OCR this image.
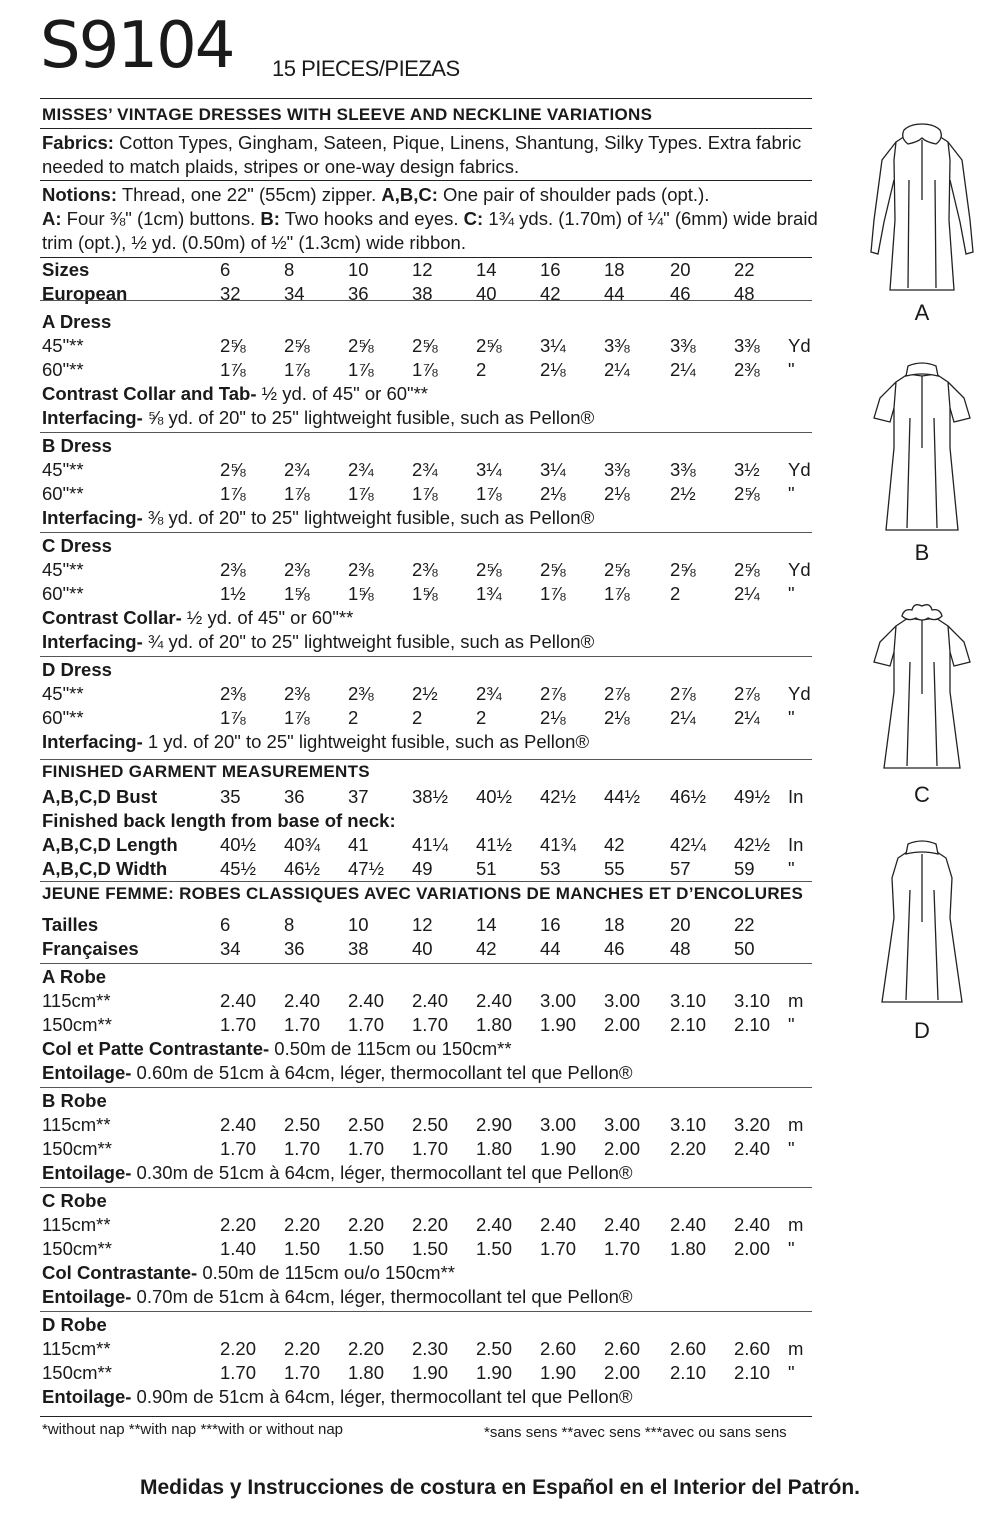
S9104 15 PIECES/PIEZAS
MISSES’ VINTAGE DRESSES WITH SLEEVE AND NECKLINE VARIATIONS
Fabrics: Cotton Types, Gingham, Sateen, Pique, Linens, Shantung, Silky Types. Extra fabric
needed to match plaids, stripes or one-way design fabrics.
Notions: Thread, one 22" (55cm) zipper. A,B,C: One pair of shoulder pads (opt.).
A: Four ⅜" (1cm) buttons. B: Two hooks and eyes. C: 1¾ yds. (1.70m) of ¼" (6mm) wide braid
trim (opt.), ½ yd. (0.50m) of ½" (1.3cm) wide ribbon.
Sizes	6	8	10	12	14	16	18	20	22
European	32	34	36	38	40	42	44	46	48
A Dress
45"**	2⅝	2⅝	2⅝	2⅝	2⅝	3¼	3⅜	3⅜	3⅜	Yd
60"**	1⅞	1⅞	1⅞	1⅞	2	2⅛	2¼	2¼	2⅜	"
Contrast Collar and Tab- ½ yd. of 45" or 60"**
Interfacing- ⅝ yd. of 20" to 25" lightweight fusible, such as Pellon®
B Dress
45"**	2⅝	2¾	2¾	2¾	3¼	3¼	3⅜	3⅜	3½	Yd
60"**	1⅞	1⅞	1⅞	1⅞	1⅞	2⅛	2⅛	2½	2⅝	"
Interfacing- ⅜ yd. of 20" to 25" lightweight fusible, such as Pellon®
C Dress
45"**	2⅜	2⅜	2⅜	2⅜	2⅝	2⅝	2⅝	2⅝	2⅝	Yd
60"**	1½	1⅝	1⅝	1⅝	1¾	1⅞	1⅞	2	2¼	"
Contrast Collar- ½ yd. of 45" or 60"**
Interfacing- ¾ yd. of 20" to 25" lightweight fusible, such as Pellon®
D Dress
45"**	2⅜	2⅜	2⅜	2½	2¾	2⅞	2⅞	2⅞	2⅞	Yd
60"**	1⅞	1⅞	2	2	2	2⅛	2⅛	2¼	2¼	"
Interfacing- 1 yd. of 20" to 25" lightweight fusible, such as Pellon®
FINISHED GARMENT MEASUREMENTS
A,B,C,D Bust	35	36	37	38½ 40½ 42½ 44½ 46½ 49½ In
Finished back length from base of neck:
A,B,C,D Length 40½ 40¾ 41	41¼ 41½ 41¾ 42	42¼ 42½ In
A,B,C,D Width	45½ 46½ 47½ 49	51	53	55	57	59	"
JEUNE FEMME: ROBES CLASSIQUES AVEC VARIATIONS DE MANCHES ET D’ENCOLURES
Tailles	6	8	10	12	14	16	18	20	22
Françaises	34	36	38	40	42	44	46	48	50
A Robe
115cm**	2.40 2.40 2.40 2.40 2.40 3.00 3.00 3.10 3.10 m
150cm**	1.70 1.70 1.70 1.70 1.80 1.90 2.00 2.10 2.10 "
Col et Patte Contrastante- 0.50m de 115cm ou 150cm**
Entoilage- 0.60m de 51cm à 64cm, léger, thermocollant tel que Pellon®
B Robe
115cm**	2.40 2.50 2.50 2.50 2.90 3.00 3.00 3.10 3.20 m
150cm**	1.70 1.70 1.70 1.70 1.80 1.90 2.00 2.20 2.40 "
Entoilage- 0.30m de 51cm à 64cm, léger, thermocollant tel que Pellon®
C Robe
115cm**	2.20 2.20 2.20 2.20 2.40 2.40 2.40 2.40 2.40 m
150cm**	1.40 1.50 1.50 1.50 1.50 1.70 1.70 1.80 2.00 "
Col Contrastante- 0.50m de 115cm ou/o 150cm**
Entoilage- 0.70m de 51cm à 64cm, léger, thermocollant tel que Pellon®
D Robe
115cm**	2.20 2.20 2.20 2.30 2.50 2.60 2.60 2.60 2.60 m
150cm**	1.70 1.70 1.80 1.90 1.90 1.90 2.00 2.10 2.10 "
Entoilage- 0.90m de 51cm à 64cm, léger, thermocollant tel que Pellon®
*without nap **with nap ***with or without nap	*sans sens **avec sens ***avec ou sans sens
Medidas y Instrucciones de costura en Español en el Interior del Patrón.
A
B
C
D
